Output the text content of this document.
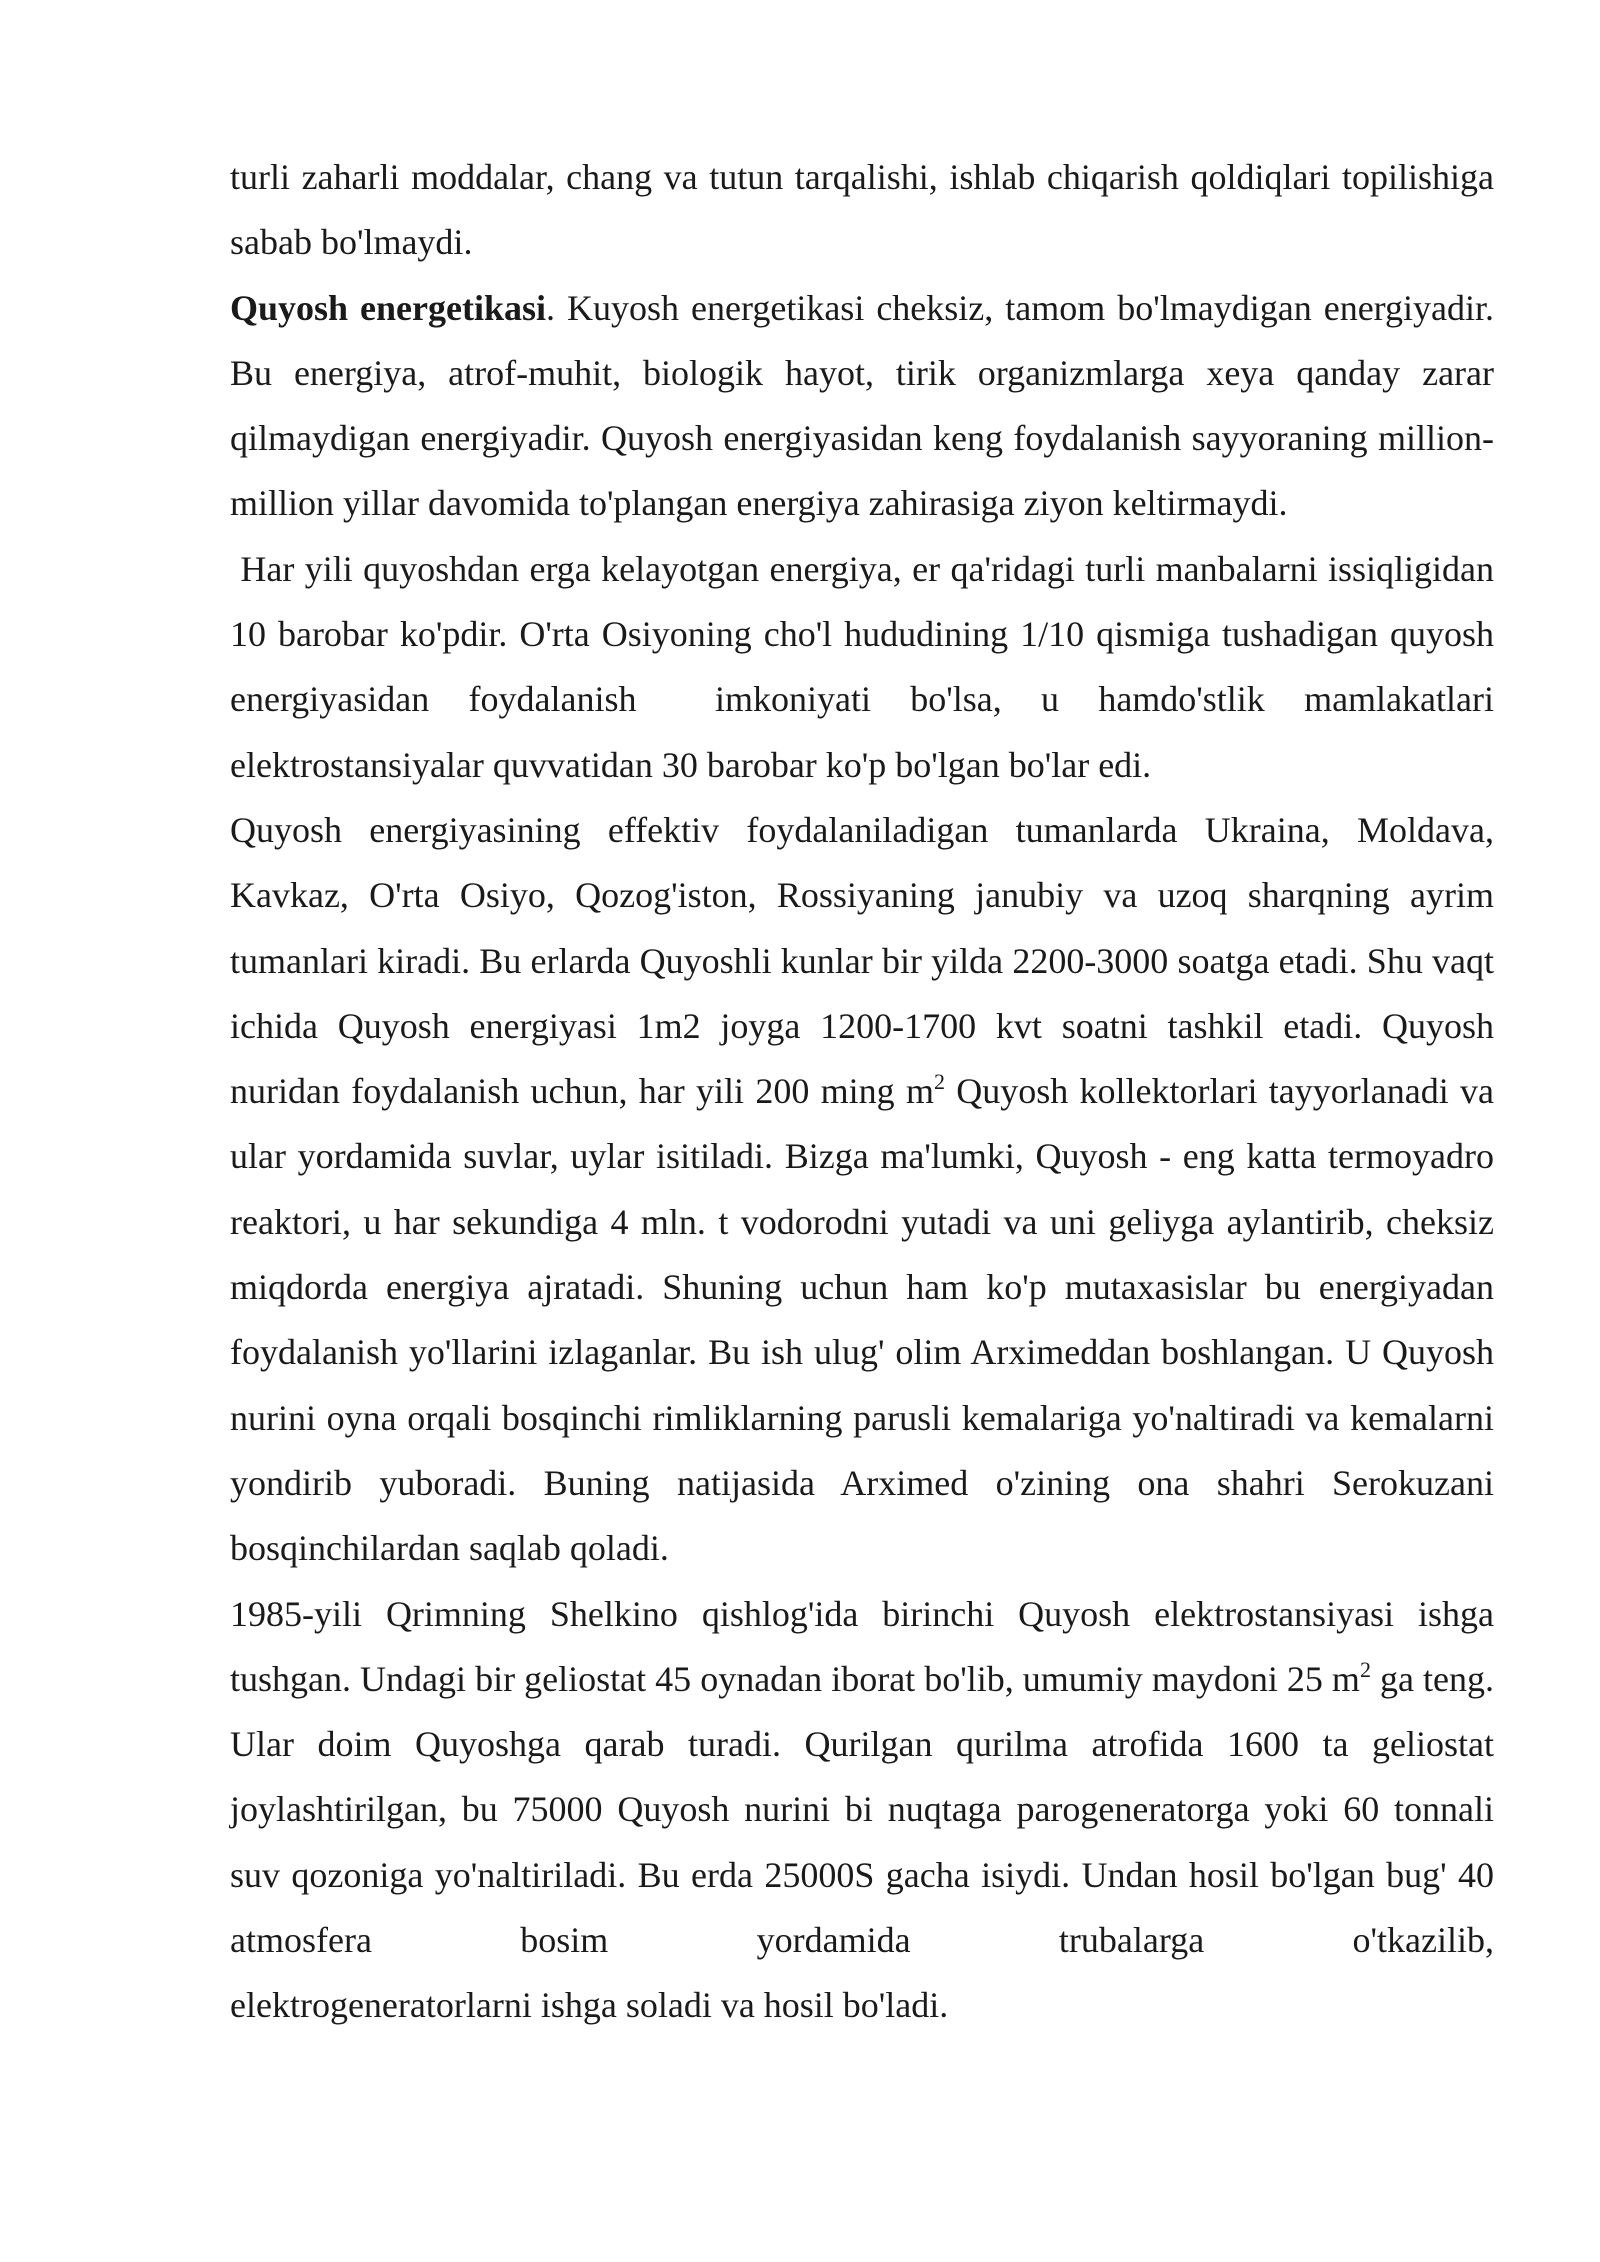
turli zaharli moddalar, chang va tutun tarqalishi, ishlab chiqarish qoldiqlari topilishiga sabab bo'lmaydi.

Quyosh energetikasi. Kuyosh energetikasi cheksiz, tamom bo'lmaydigan energiyadir. Bu energiya, atrof-muhit, biologik hayot, tirik organizmlarga xeya qanday zarar qilmaydigan energiyadir. Quyosh energiyasidan keng foydalanish sayyoraning million-million yillar davomida to'plangan energiya zahirasiga ziyon keltirmaydi.

Har yili quyoshdan erga kelayotgan energiya, er qa'ridagi turli manbalarni issiqligidan 10 barobar ko'pdir. O'rta Osiyoning cho'l hududining 1/10 qismiga tushadigan quyosh energiyasidan foydalanish  imkoniyati bo'lsa, u hamdo'stlik mamlakatlari elektrostansiyalar quvvatidan 30 barobar ko'p bo'lgan bo'lar edi.

Quyosh energiyasining effektiv foydalaniladigan tumanlarda Ukraina, Moldava, Kavkaz, O'rta Osiyo, Qozog'iston, Rossiyaning janubiy va uzoq sharqning ayrim tumanlari kiradi. Bu erlarda Quyoshli kunlar bir yilda 2200-3000 soatga etadi. Shu vaqt ichida Quyosh energiyasi 1m2 joyga 1200-1700 kvt soatni tashkil etadi. Quyosh nuridan foydalanish uchun, har yili 200 ming $m^2$ Quyosh kollektorlari tayyorlanadi va ular yordamida suvlar, uylar isitiladi. Bizga ma'lumki, Quyosh - eng katta termoyadro reaktori, u har sekundiga 4 mln. t vodorodni yutadi va uni geliyga aylantirib, cheksiz miqdorda energiya ajratadi. Shuning uchun ham ko'p mutaxasislar bu energiyadan foydalanish yo'llarini izlaganlar. Bu ish ulug' olim Arximeddan boshlangan. U Quyosh nurini oyna orqali bosqinchi rimliklarning parusli kemalariga yo'naltiradi va kemalarni yondirib yuboradi. Buning natijasida Arximed o'zining ona shahri Serokuzani bosqinchilardan saqlab qoladi.

1985-yili Qrimning Shelkino qishlog'ida birinchi Quyosh elektrostansiyasi ishga tushgan. Undagi bir geliostat 45 oynadan iborat bo'lib, umumiy maydoni 25 $m^2$ ga teng. Ular doim Quyoshga qarab turadi. Qurilgan qurilma atrofida 1600 ta geliostat joylashtirilgan, bu 75000 Quyosh nurini bi nuqtaga parogeneratorga yoki 60 tonnali suv qozoniga yo'naltiriladi. Bu erda 25000S gacha isiydi. Undan hosil bo'lgan bug' 40 atmosfera bosim yordamida trubalarga o'tkazilib,

elektrogeneratorlarni ishga soladi va hosil bo'ladi.
